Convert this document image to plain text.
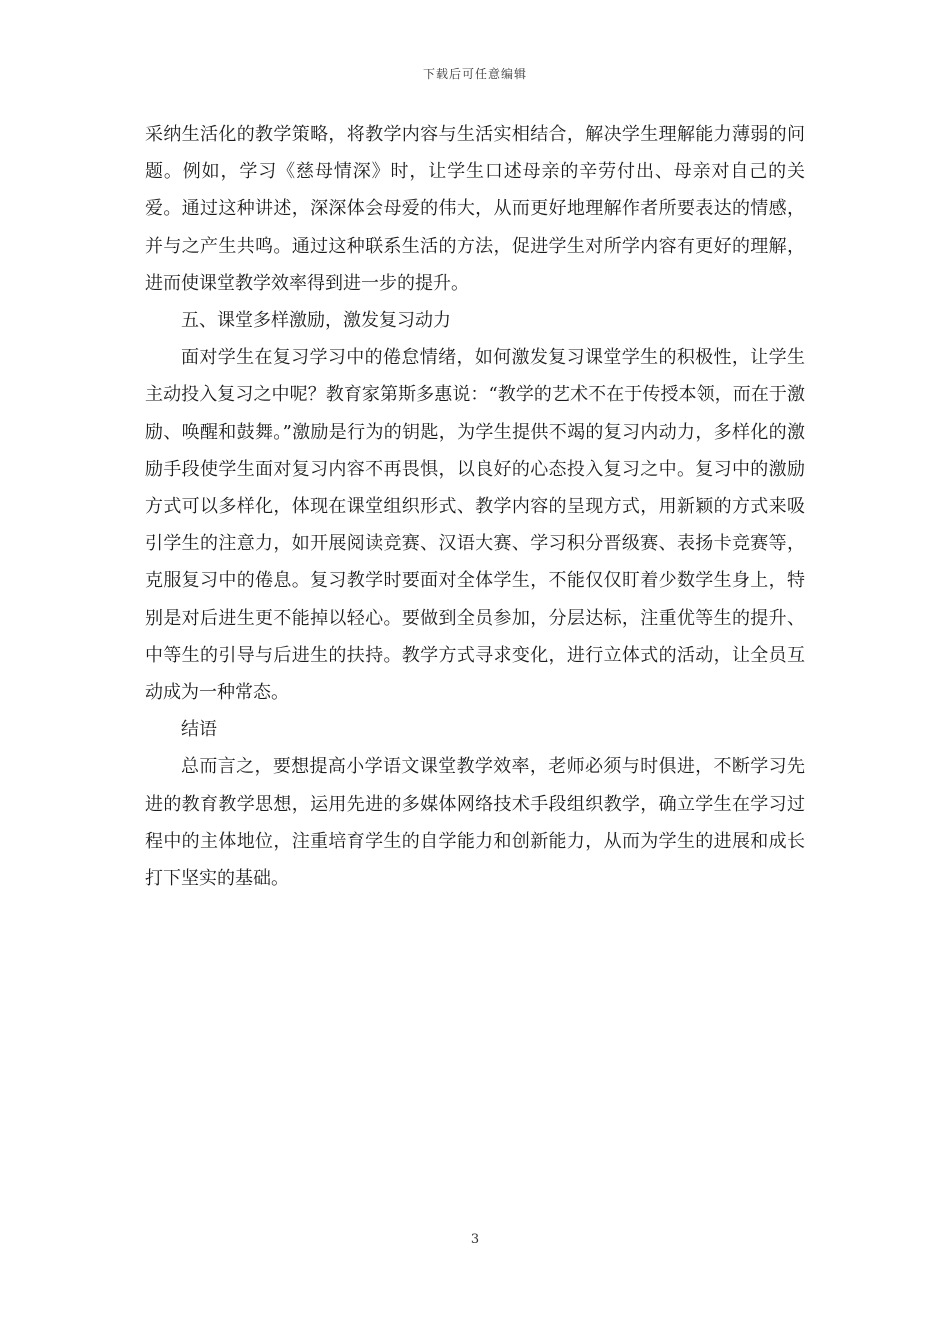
下载后可任意编辑

采纳生活化的教学策略，将教学内容与生活实相结合，解决学生理解能力薄弱的问题。例如，学习《慈母情深》时，让学生口述母亲的辛劳付出、母亲对自己的关爱。通过这种讲述，深深体会母爱的伟大，从而更好地理解作者所要表达的情感，并与之产生共鸣。通过这种联系生活的方法，促进学生对所学内容有更好的理解，进而使课堂教学效率得到进一步的提升。

五、课堂多样激励，激发复习动力

面对学生在复习学习中的倦怠情绪，如何激发复习课堂学生的积极性，让学生主动投入复习之中呢？教育家第斯多惠说：“教学的艺术不在于传授本领，而在于激励、唤醒和鼓舞。”激励是行为的钥匙，为学生提供不竭的复习内动力，多样化的激励手段使学生面对复习内容不再畏惧，以良好的心态投入复习之中。复习中的激励方式可以多样化，体现在课堂组织形式、教学内容的呈现方式，用新颖的方式来吸引学生的注意力，如开展阅读竞赛、汉语大赛、学习积分晋级赛、表扬卡竞赛等，克服复习中的倦息。复习教学时要面对全体学生，不能仅仅盯着少数学生身上，特别是对后进生更不能掉以轻心。要做到全员参加，分层达标，注重优等生的提升、中等生的引导与后进生的扶持。教学方式寻求变化，进行立体式的活动，让全员互动成为一种常态。

结语

总而言之，要想提高小学语文课堂教学效率，老师必须与时俱进，不断学习先进的教育教学思想，运用先进的多媒体网络技术手段组织教学，确立学生在学习过程中的主体地位，注重培育学生的自学能力和创新能力，从而为学生的进展和成长打下坚实的基础。

3
